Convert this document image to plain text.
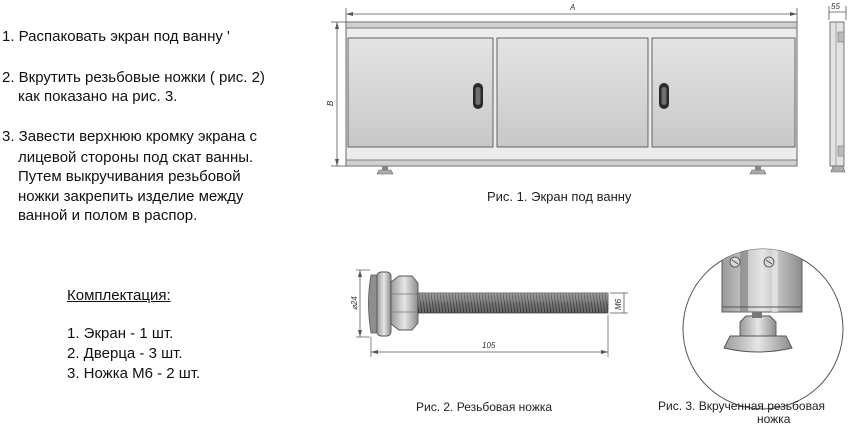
1. Распаковать экран под ванну '
2. Вкрутить резьбовые ножки ( рис. 2)
как показано на рис. 3.
3. Завести верхнюю кромку экрана с
лицевой стороны под скат ванны.
Путем выкручивания резьбовой
ножки закрепить изделие между
ванной и полом в распор.
Комплектация:
1. Экран - 1 шт.
2. Дверца - 3 шт.
3. Ножка М6 - 2 шт.
A
B
55
⌀24	M6
105
Рис. 1. Экран под ванну
Рис. 2. Резьбовая ножка	Рис. 3. Вкрученная резьбовая
ножка
